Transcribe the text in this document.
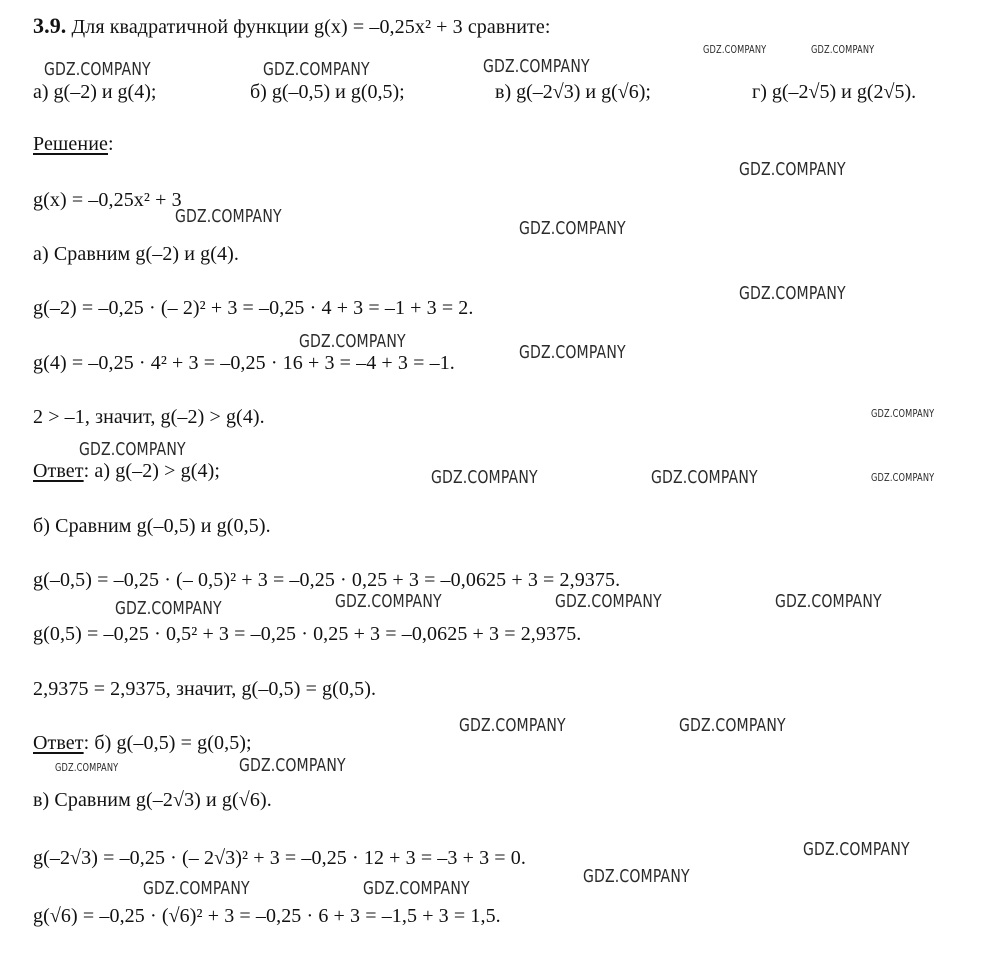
3.9. Для квадратичной функции g(x) = –0,25x² + 3 сравните:
а) g(–2) и g(4);	б) g(–0,5) и g(0,5);	в) g(–2√3) и g(√6);	г) g(–2√5) и g(2√5).
Решение:
g(x) = –0,25x² + 3
а) Сравним g(–2) и g(4).
g(–2) = –0,25 · (– 2)² + 3 = –0,25 · 4 + 3 = –1 + 3 = 2.
g(4) = –0,25 · 4² + 3 = –0,25 · 16 + 3 = –4 + 3 = –1.
2 > –1, значит, g(–2) > g(4).
Ответ: а) g(–2) > g(4);
б) Сравним g(–0,5) и g(0,5).
g(–0,5) = –0,25 · (– 0,5)² + 3 = –0,25 · 0,25 + 3 = –0,0625 + 3 = 2,9375.
g(0,5) = –0,25 · 0,5² + 3 = –0,25 · 0,25 + 3 = –0,0625 + 3 = 2,9375.
2,9375 = 2,9375, значит, g(–0,5) = g(0,5).
Ответ: б) g(–0,5) = g(0,5);
в) Сравним g(–2√3) и g(√6).
g(–2√3) = –0,25 · (– 2√3)² + 3 = –0,25 · 12 + 3 = –3 + 3 = 0.
g(√6) = –0,25 · (√6)² + 3 = –0,25 · 6 + 3 = –1,5 + 3 = 1,5.
GDZ.COMPANY	GDZ.COMPANY
GDZ.COMPANY	GDZ.COMPANY	GDZ.COMPANY
GDZ.COMPANY
GDZ.COMPANY
GDZ.COMPANY
GDZ.COMPANY
GDZ.COMPANY
GDZ.COMPANY
GDZ.COMPANY
GDZ.COMPANY
GDZ.COMPANY	GDZ.COMPANY	GDZ.COMPANY
GDZ.COMPANY	GDZ.COMPANY	GDZ.COMPANY	GDZ.COMPANY
GDZ.COMPANY	GDZ.COMPANY
GDZ.COMPANY	GDZ.COMPANY
GDZ.COMPANY
GDZ.COMPANY	GDZ.COMPANY
GDZ.COMPANY
